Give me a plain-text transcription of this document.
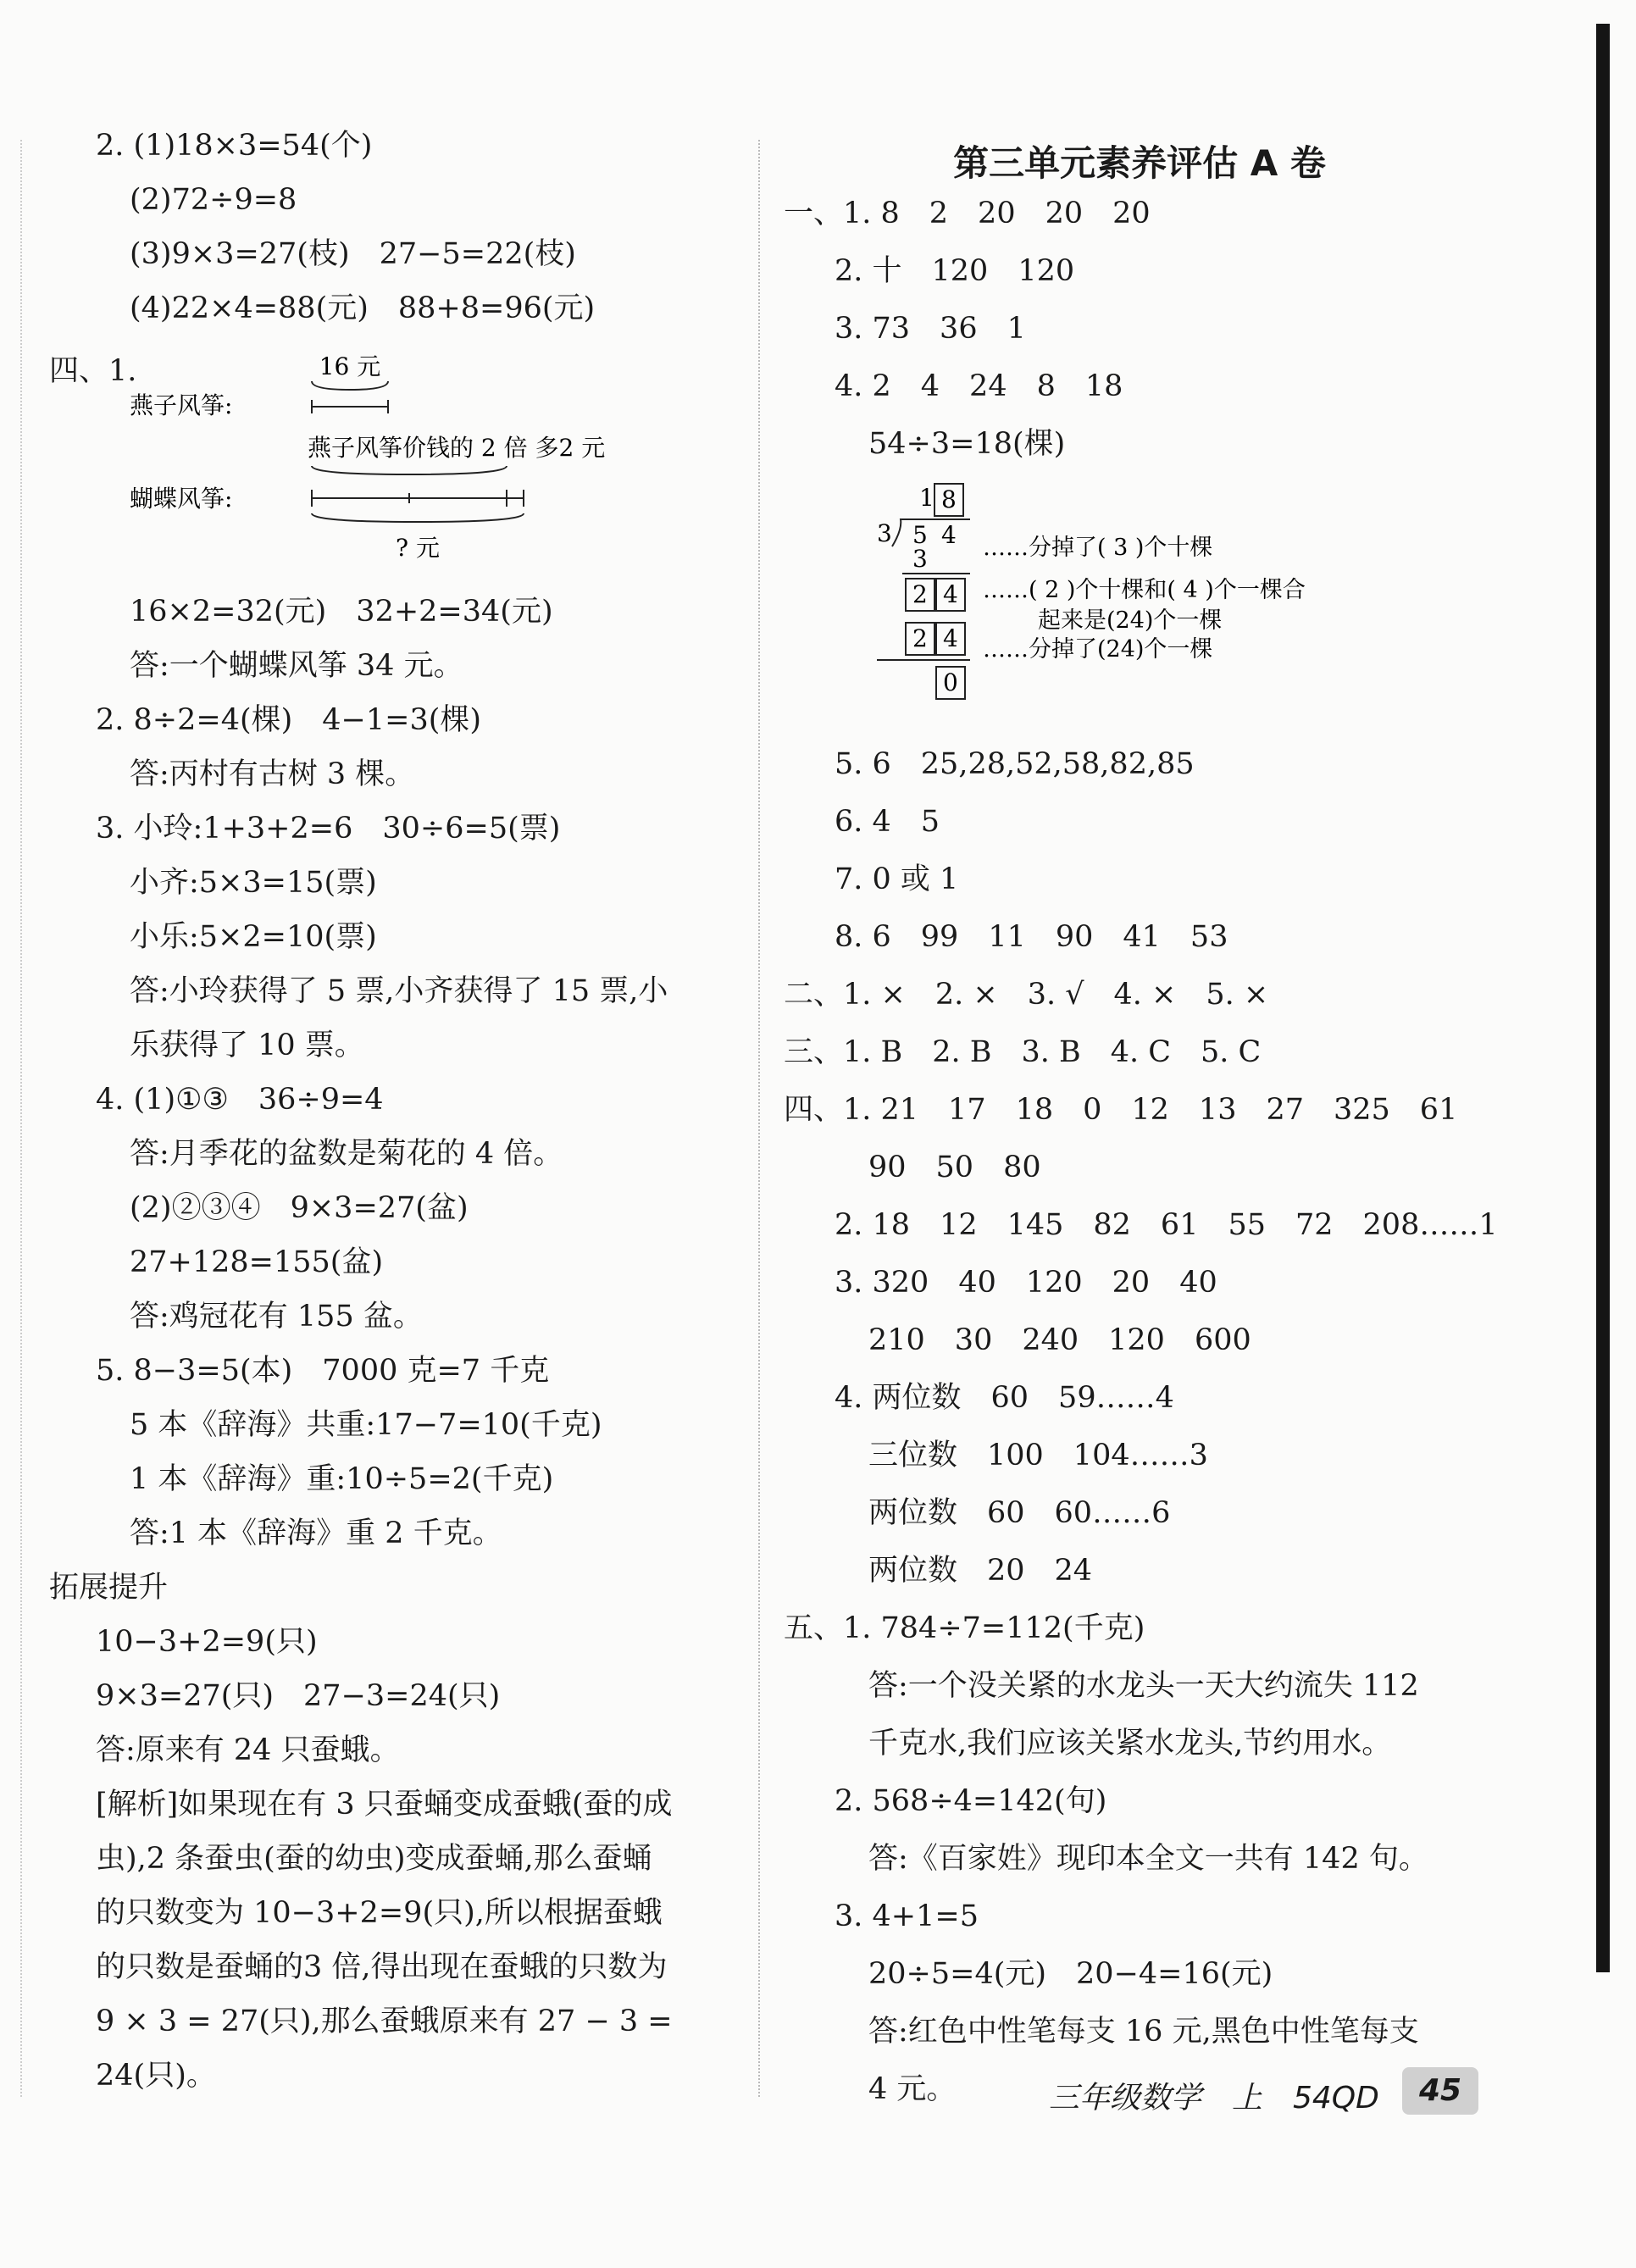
16 元
燕子风筝:
燕子风筝价钱的 2 倍 多2 元
蝴蝶风筝:
? 元
2. (1)18×3=54(个)
(2)72÷9=8
(3)9×3=27(枝)　27−5=22(枝)
(4)22×4=88(元)　88+8=96(元)
四、1.
16×2=32(元)　32+2=34(元)
答:一个蝴蝶风筝 34 元。
2. 8÷2=4(棵)　4−1=3(棵)
答:丙村有古树 3 棵。
3. 小玲:1+3+2=6　30÷6=5(票)
小齐:5×3=15(票)
小乐:5×2=10(票)
答:小玲获得了 5 票,小齐获得了 15 票,小
乐获得了 10 票。
4. (1)①③　36÷9=4
答:月季花的盆数是菊花的 4 倍。
(2)②③④　9×3=27(盆)
27+128=155(盆)
答:鸡冠花有 155 盆。
5. 8−3=5(本)　7000 克=7 千克
5 本《辞海》共重:17−7=10(千克)
1 本《辞海》重:10÷5=2(千克)
答:1 本《辞海》重 2 千克。
拓展提升
10−3+2=9(只)
9×3=27(只)　27−3=24(只)
答:原来有 24 只蚕蛾。
[解析]如果现在有 3 只蚕蛹变成蚕蛾(蚕的成
虫),2 条蚕虫(蚕的幼虫)变成蚕蛹,那么蚕蛹
的只数变为 10−3+2=9(只),所以根据蚕蛾
的只数是蚕蛹的3 倍,得出现在蚕蛾的只数为
9 × 3 = 27(只),那么蚕蛾原来有 27 − 3 =
24(只)。
第三单元素养评估 A 卷
1 8
3 5 4
3
2 4
2 4
0
……分掉了( 3 )个十棵
……( 2 )个十棵和( 4 )个一棵合
起来是(24)个一棵
……分掉了(24)个一棵
一、1. 8　2　20　20　20
2. 十　120　120
3. 73　36　1
4. 2　4　24　8　18
54÷3=18(棵)
5. 6　25,28,52,58,82,85
6. 4　5
7. 0 或 1
8. 6　99　11　90　41　53
二、1. ×　2. ×　3. √　4. ×　5. ×
三、1. B　2. B　3. B　4. C　5. C
四、1. 21　17　18　0　12　13　27　325　61
90　50　80
2. 18　12　145　82　61　55　72　208……1
3. 320　40　120　20　40
210　30　240　120　600
4. 两位数　60　59……4
三位数　100　104……3
两位数　60　60……6
两位数　20　24
五、1. 784÷7=112(千克)
答:一个没关紧的水龙头一天大约流失 112
千克水,我们应该关紧水龙头,节约用水。
2. 568÷4=142(句)
答:《百家姓》现印本全文一共有 142 句。
3. 4+1=5
20÷5=4(元)　20−4=16(元)
答:红色中性笔每支 16 元,黑色中性笔每支
4 元。	三年级数学　上　54QD	45
